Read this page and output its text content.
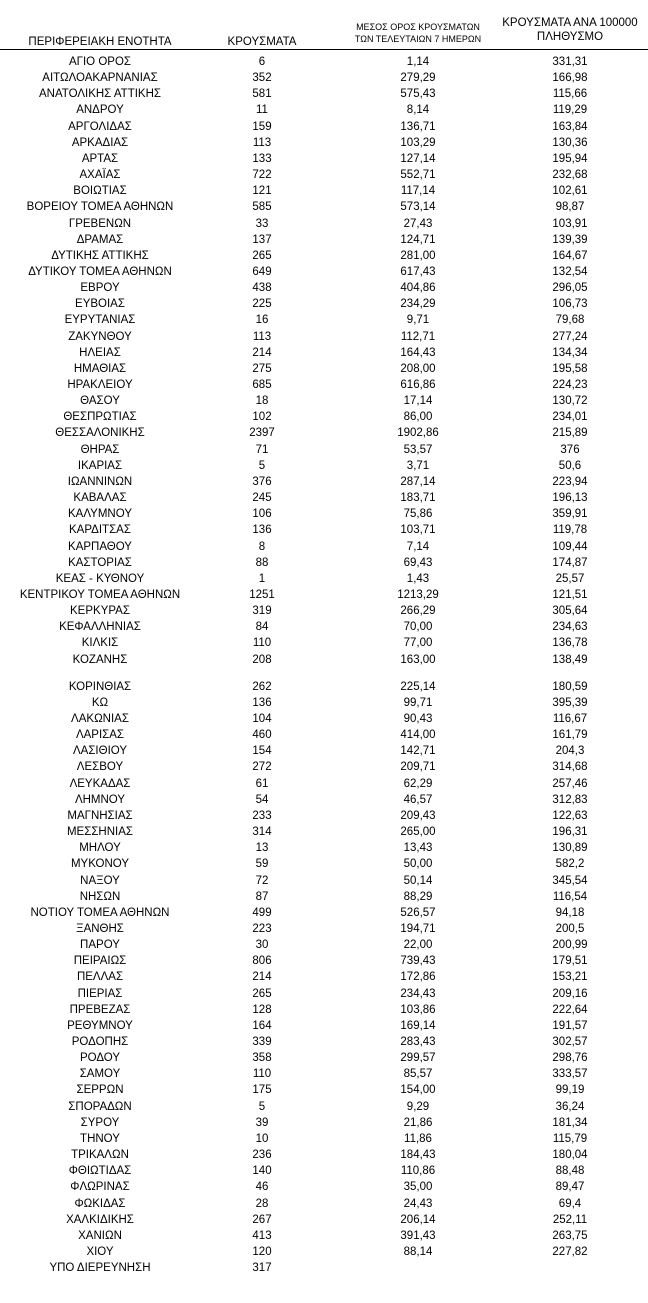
ΠΕΡΙΦΕΡΕΙΑΚΗ ΕΝΟΤΗΤΑ	ΚΡΟΥΣΜΑΤΑ
ΜΕΣΟΣ ΟΡΟΣ ΚΡΟΥΣΜΑΤΩΝ
ΤΩΝ ΤΕΛΕΥΤΑΙΩΝ 7 ΗΜΕΡΩΝ
ΚΡΟΥΣΜΑΤΑ ΑΝΑ 100000
ΠΛΗΘΥΣΜΟ
ΑΓΙΟ ΟΡΟΣ	6	1,14	331,31
ΑΙΤΩΛΟΑΚΑΡΝΑΝΙΑΣ	352	279,29	166,98
ΑΝΑΤΟΛΙΚΗΣ ΑΤΤΙΚΗΣ	581	575,43	115,66
ΑΝΔΡΟΥ	11	8,14	119,29
ΑΡΓΟΛΙΔΑΣ	159	136,71	163,84
ΑΡΚΑΔΙΑΣ	113	103,29	130,36
ΑΡΤΑΣ	133	127,14	195,94
ΑΧΑΪΑΣ	722	552,71	232,68
ΒΟΙΩΤΙΑΣ	121	117,14	102,61
ΒΟΡΕΙΟΥ ΤΟΜΕΑ ΑΘΗΝΩΝ	585	573,14	98,87
ΓΡΕΒΕΝΩΝ	33	27,43	103,91
ΔΡΑΜΑΣ	137	124,71	139,39
ΔΥΤΙΚΗΣ ΑΤΤΙΚΗΣ	265	281,00	164,67
ΔΥΤΙΚΟΥ ΤΟΜΕΑ ΑΘΗΝΩΝ	649	617,43	132,54
ΕΒΡΟΥ	438	404,86	296,05
ΕΥΒΟΙΑΣ	225	234,29	106,73
ΕΥΡΥΤΑΝΙΑΣ	16	9,71	79,68
ΖΑΚΥΝΘΟΥ	113	112,71	277,24
ΗΛΕΙΑΣ	214	164,43	134,34
ΗΜΑΘΙΑΣ	275	208,00	195,58
ΗΡΑΚΛΕΙΟΥ	685	616,86	224,23
ΘΑΣΟΥ	18	17,14	130,72
ΘΕΣΠΡΩΤΙΑΣ	102	86,00	234,01
ΘΕΣΣΑΛΟΝΙΚΗΣ	2397	1902,86	215,89
ΘΗΡΑΣ	71	53,57	376
ΙΚΑΡΙΑΣ	5	3,71	50,6
ΙΩΑΝΝΙΝΩΝ	376	287,14	223,94
ΚΑΒΑΛΑΣ	245	183,71	196,13
ΚΑΛΥΜΝΟΥ	106	75,86	359,91
ΚΑΡΔΙΤΣΑΣ	136	103,71	119,78
ΚΑΡΠΑΘΟΥ	8	7,14	109,44
ΚΑΣΤΟΡΙΑΣ	88	69,43	174,87
ΚΕΑΣ - ΚΥΘΝΟΥ	1	1,43	25,57
ΚΕΝΤΡΙΚΟΥ ΤΟΜΕΑ ΑΘΗΝΩΝ	1251	1213,29	121,51
ΚΕΡΚΥΡΑΣ	319	266,29	305,64
ΚΕΦΑΛΛΗΝΙΑΣ	84	70,00	234,63
ΚΙΛΚΙΣ	110	77,00	136,78
ΚΟΖΑΝΗΣ	208	163,00	138,49
ΚΟΡΙΝΘΙΑΣ	262	225,14	180,59
ΚΩ	136	99,71	395,39
ΛΑΚΩΝΙΑΣ	104	90,43	116,67
ΛΑΡΙΣΑΣ	460	414,00	161,79
ΛΑΣΙΘΙΟΥ	154	142,71	204,3
ΛΕΣΒΟΥ	272	209,71	314,68
ΛΕΥΚΑΔΑΣ	61	62,29	257,46
ΛΗΜΝΟΥ	54	46,57	312,83
ΜΑΓΝΗΣΙΑΣ	233	209,43	122,63
ΜΕΣΣΗΝΙΑΣ	314	265,00	196,31
ΜΗΛΟΥ	13	13,43	130,89
ΜΥΚΟΝΟΥ	59	50,00	582,2
ΝΑΞΟΥ	72	50,14	345,54
ΝΗΣΩΝ	87	88,29	116,54
ΝΟΤΙΟΥ ΤΟΜΕΑ ΑΘΗΝΩΝ	499	526,57	94,18
ΞΑΝΘΗΣ	223	194,71	200,5
ΠΑΡΟΥ	30	22,00	200,99
ΠΕΙΡΑΙΩΣ	806	739,43	179,51
ΠΕΛΛΑΣ	214	172,86	153,21
ΠΙΕΡΙΑΣ	265	234,43	209,16
ΠΡΕΒΕΖΑΣ	128	103,86	222,64
ΡΕΘΥΜΝΟΥ	164	169,14	191,57
ΡΟΔΟΠΗΣ	339	283,43	302,57
ΡΟΔΟΥ	358	299,57	298,76
ΣΑΜΟΥ	110	85,57	333,57
ΣΕΡΡΩΝ	175	154,00	99,19
ΣΠΟΡΑΔΩΝ	5	9,29	36,24
ΣΥΡΟΥ	39	21,86	181,34
ΤΗΝΟΥ	10	11,86	115,79
ΤΡΙΚΑΛΩΝ	236	184,43	180,04
ΦΘΙΩΤΙΔΑΣ	140	110,86	88,48
ΦΛΩΡΙΝΑΣ	46	35,00	89,47
ΦΩΚΙΔΑΣ	28	24,43	69,4
ΧΑΛΚΙΔΙΚΗΣ	267	206,14	252,11
ΧΑΝΙΩΝ	413	391,43	263,75
ΧΙΟΥ	120	88,14	227,82
ΥΠΟ ΔΙΕΡΕΥΝΗΣΗ	317
